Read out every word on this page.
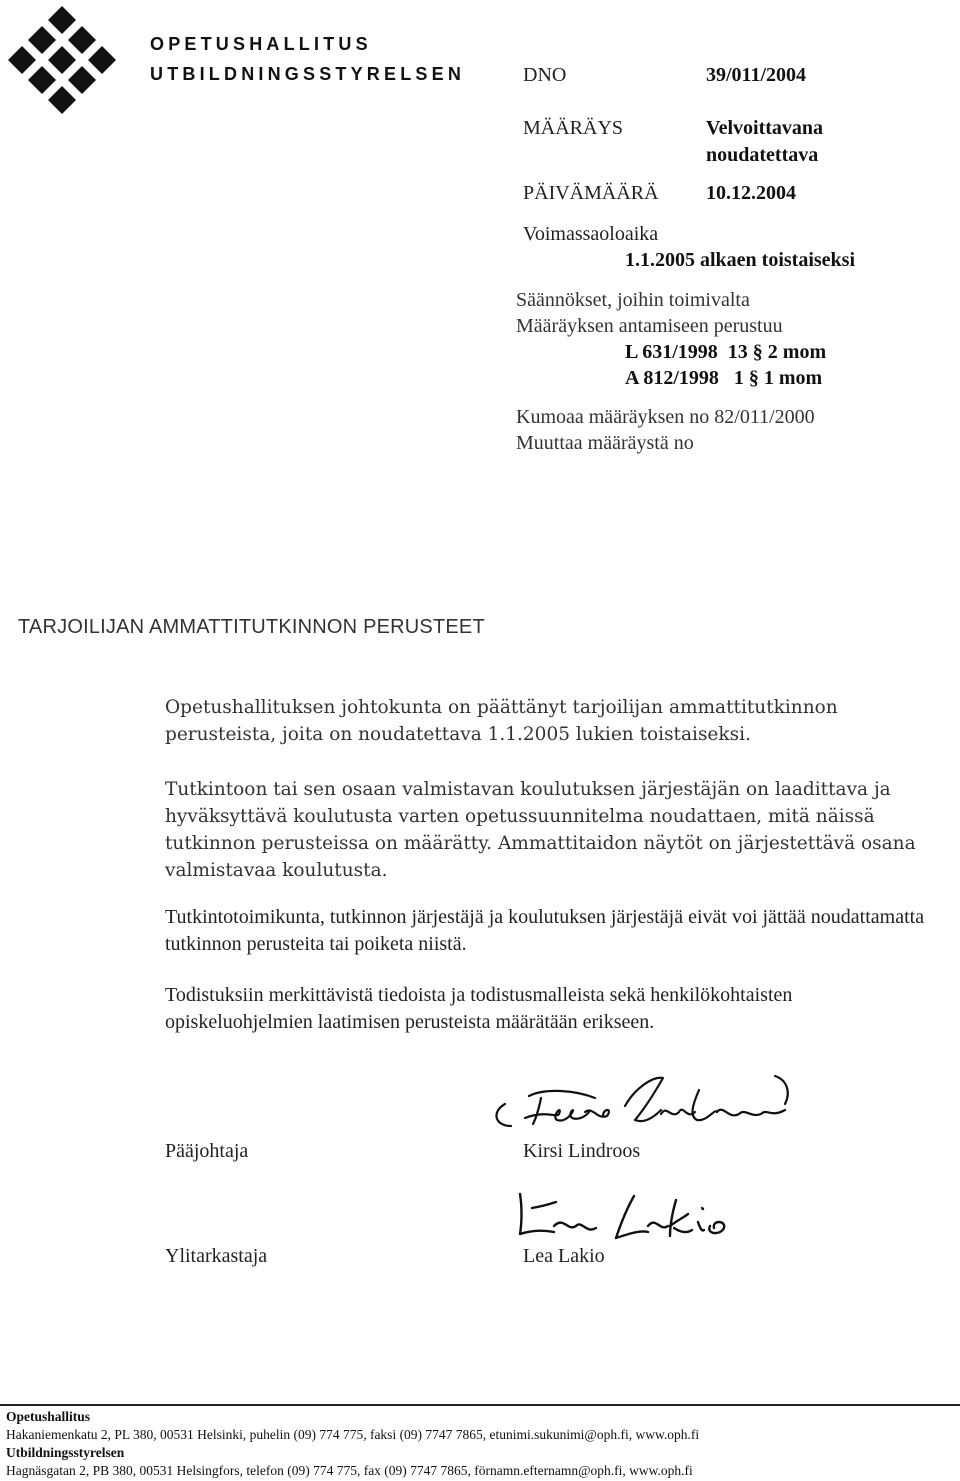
OPETUSHALLITUS
UTBILDNINGSSTYRELSEN	DNO	39/011/2004
MÄÄRÄYS	Velvoittavana
noudatettava
PÄIVÄMÄÄRÄ 10.12.2004
Voimassaoloaika
1.1.2005 alkaen toistaiseksi
Säännökset, joihin toimivalta
Määräyksen antamiseen perustuu
L 631/1998  13 § 2 mom
A 812/1998   1 § 1 mom
Kumoaa määräyksen no 82/011/2000
Muuttaa määräystä no
TARJOILIJAN AMMATTITUTKINNON PERUSTEET
Opetushallituksen johtokunta on päättänyt tarjoilijan ammattitutkinnon perusteista, joita on noudatettava 1.1.2005 lukien toistaiseksi.
Tutkintoon tai sen osaan valmistavan koulutuksen järjestäjän on laadittava ja hyväksyttävä koulutusta varten opetussuunnitelma noudattaen, mitä näissä tutkinnon perusteissa on määrätty. Ammattitaidon näytöt on järjestettävä osana valmistavaa koulutusta.
Tutkintotoimikunta, tutkinnon järjestäjä ja koulutuksen järjestäjä eivät voi jättää noudattamatta tutkinnon perusteita tai poiketa niistä.
Todistuksiin merkittävistä tiedoista ja todistusmalleista sekä henkilökohtaisten opiskeluohjelmien laatimisen perusteista määrätään erikseen.
Pääjohtaja	Kirsi Lindroos
Ylitarkastaja	Lea Lakio
Opetushallitus
Hakaniemenkatu 2, PL 380, 00531 Helsinki, puhelin (09) 774 775, faksi (09) 7747 7865, etunimi.sukunimi@oph.fi, www.oph.fi
Utbildningsstyrelsen
Hagnäsgatan 2, PB 380, 00531 Helsingfors, telefon (09) 774 775, fax (09) 7747 7865, förnamn.efternamn@oph.fi, www.oph.fi
